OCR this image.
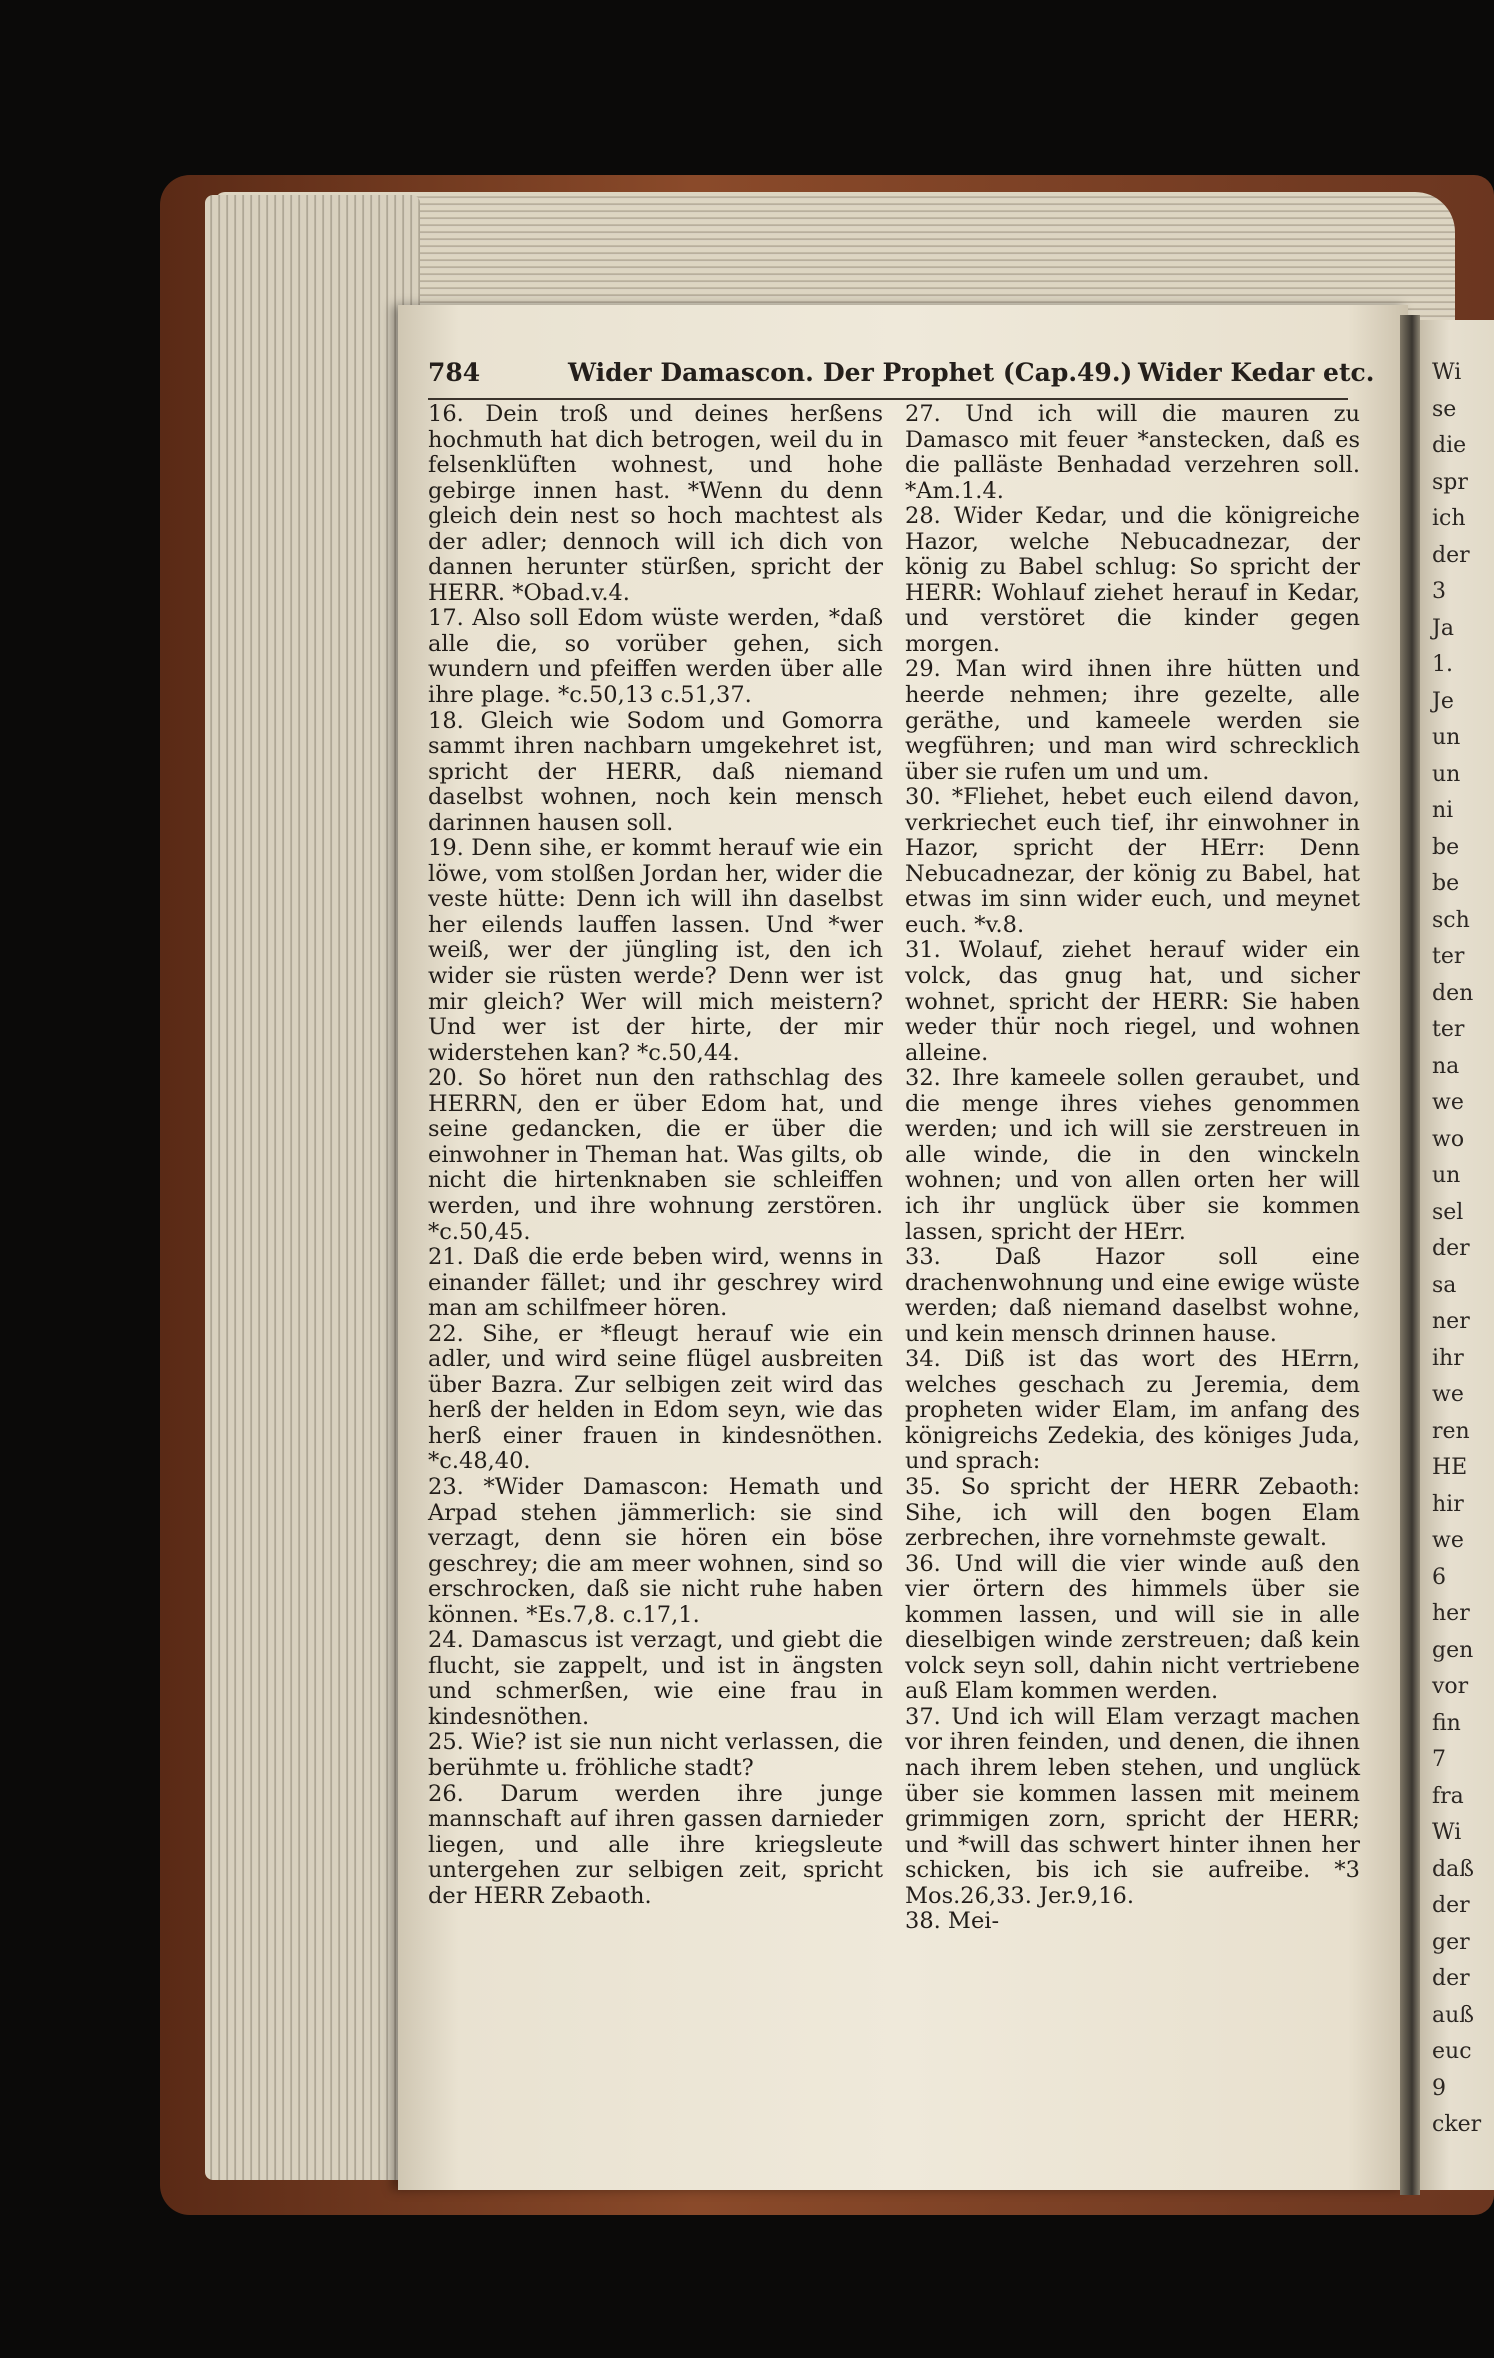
Wi
se
die
spr
ich
der
3
Ja
1.
Je
un
un
ni
be
be
sch
ter
den
ter
na
we
wo
un
sel
der
sa
ner
ihr
we
ren
HE
hir
we
6
her
gen
vor
fin
7
fra
Wi
daß
der
ger
der
auß
euc
9
cker
784	Wider Damascon. Der Prophet (Cap.49.) Wider Kedar etc.

16. Dein troß und deines herßens hochmuth hat dich betrogen, weil du in felsenklüften wohnest, und hohe gebirge innen hast. *Wenn du denn gleich dein nest so hoch machtest als der adler; dennoch will ich dich von dannen herunter stürßen, spricht der HERR. *Obad.v.4.

17. Also soll Edom wüste werden, *daß alle die, so vorüber gehen, sich wundern und pfeiffen werden über alle ihre plage. *c.50,13 c.51,37.

18. Gleich wie Sodom und Gomorra sammt ihren nachbarn umgekehret ist, spricht der HERR, daß niemand daselbst wohnen, noch kein mensch darinnen hausen soll.

19. Denn sihe, er kommt herauf wie ein löwe, vom stolßen Jordan her, wider die veste hütte: Denn ich will ihn daselbst her eilends lauffen lassen. Und *wer weiß, wer der jüngling ist, den ich wider sie rüsten werde? Denn wer ist mir gleich? Wer will mich meistern? Und wer ist der hirte, der mir widerstehen kan? *c.50,44.

20. So höret nun den rathschlag des HERRN, den er über Edom hat, und seine gedancken, die er über die einwohner in Theman hat. Was gilts, ob nicht die hirtenknaben sie schleiffen werden, und ihre wohnung zerstören. *c.50,45.

21. Daß die erde beben wird, wenns in einander fället; und ihr geschrey wird man am schilfmeer hören.

22. Sihe, er *fleugt herauf wie ein adler, und wird seine flügel ausbreiten über Bazra. Zur selbigen zeit wird das herß der helden in Edom seyn, wie das herß einer frauen in kindesnöthen. *c.48,40.

23. *Wider Damascon: Hemath und Arpad stehen jämmerlich: sie sind verzagt, denn sie hören ein böse geschrey; die am meer wohnen, sind so erschrocken, daß sie nicht ruhe haben können. *Es.7,8. c.17,1.

24. Damascus ist verzagt, und giebt die flucht, sie zappelt, und ist in ängsten und schmerßen, wie eine frau in kindesnöthen.

25. Wie? ist sie nun nicht verlassen, die berühmte u. fröhliche stadt?

26. Darum werden ihre junge mannschaft auf ihren gassen darnieder liegen, und alle ihre kriegsleute untergehen zur selbigen zeit, spricht der HERR Zebaoth.

27. Und ich will die mauren zu Damasco mit feuer *anstecken, daß es die palläste Benhadad verzehren soll. *Am.1.4.

28. Wider Kedar, und die königreiche Hazor, welche Nebucadnezar, der könig zu Babel schlug: So spricht der HERR: Wohlauf ziehet herauf in Kedar, und verstöret die kinder gegen morgen.

29. Man wird ihnen ihre hütten und heerde nehmen; ihre gezelte, alle geräthe, und kameele werden sie wegführen; und man wird schrecklich über sie rufen um und um.

30. *Fliehet, hebet euch eilend davon, verkriechet euch tief, ihr einwohner in Hazor, spricht der HErr: Denn Nebucadnezar, der könig zu Babel, hat etwas im sinn wider euch, und meynet euch. *v.8.

31. Wolauf, ziehet herauf wider ein volck, das gnug hat, und sicher wohnet, spricht der HERR: Sie haben weder thür noch riegel, und wohnen alleine.

32. Ihre kameele sollen geraubet, und die menge ihres viehes genommen werden; und ich will sie zerstreuen in alle winde, die in den winckeln wohnen; und von allen orten her will ich ihr unglück über sie kommen lassen, spricht der HErr.

33. Daß Hazor soll eine drachenwohnung und eine ewige wüste werden; daß niemand daselbst wohne, und kein mensch drinnen hause.

34. Diß ist das wort des HErrn, welches geschach zu Jeremia, dem propheten wider Elam, im anfang des königreichs Zedekia, des königes Juda, und sprach:

35. So spricht der HERR Zebaoth: Sihe, ich will den bogen Elam zerbrechen, ihre vornehmste gewalt.

36. Und will die vier winde auß den vier örtern des himmels über sie kommen lassen, und will sie in alle dieselbigen winde zerstreuen; daß kein volck seyn soll, dahin nicht vertriebene auß Elam kommen werden.

37. Und ich will Elam verzagt machen vor ihren feinden, und denen, die ihnen nach ihrem leben stehen, und unglück über sie kommen lassen mit meinem grimmigen zorn, spricht der HERR; und *will das schwert hinter ihnen her schicken, bis ich sie aufreibe. *3 Mos.26,33. Jer.9,16.

38. Mei-
